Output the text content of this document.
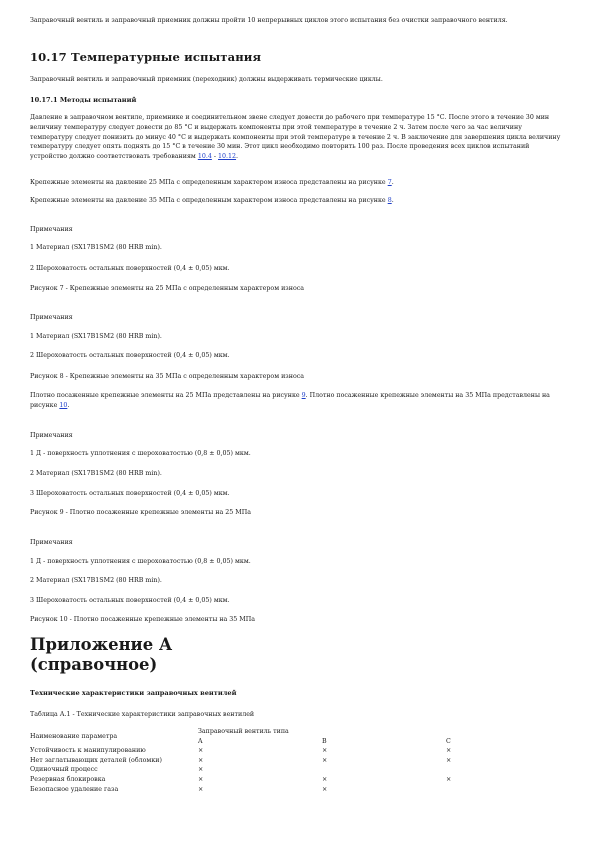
Заправочный вентиль и заправочный приемник должны пройти 10 непрерывных циклов этого испытания без очистки заправочного вентиля.
10.17 Температурные испытания
Заправочный вентиль и заправочный приемник (переходник) должны выдерживать термические циклы.
10.17.1 Методы испытаний
Давление в заправочном вентиле, приемнике и соединительном звене следует довести до рабочего при температуре 15 °С. После этого в течение 30 мин величину температуру следует довести до 85 °С и выдержать компоненты при этой температуре в течение 2 ч. Затем после чего за час величину температуру следует понизить до минус 40 °С и выдержать компоненты при этой температуре в течение 2 ч. В заключение для завершения цикла величину температуру следует опять поднять до 15 °С в течение 30 мин. Этот цикл необходимо повторить 100 раз. После проведения всех циклов испытаний устройство должно соответствовать требованиям 10.4 - 10.12.
Крепежные элементы на давление 25 МПа с определенным характером износа представлены на рисунке 7.
Крепежные элементы на давление 35 МПа с определенным характером износа представлены на рисунке 8.
Примечания
1 Материал (SX17B1SM2 (80 HRB min).
2 Шероховатость остальных поверхностей (0,4 ± 0,05) мкм.
Рисунок 7 - Крепежные элементы на 25 МПа с определенным характером износа
Примечания
1 Материал (SX17B1SM2 (80 HRB min).
2 Шероховатость остальных поверхностей (0,4 ± 0,05) мкм.
Рисунок 8 - Крепежные элементы на 35 МПа с определенным характером износа
Плотно посаженные крепежные элементы на 25 МПа представлены на рисунке 9. Плотно посаженные крепежные элементы на 35 МПа представлены на рисунке 10.
Примечания
1 Д - поверхность уплотнения с шероховатостью (0,8 ± 0,05) мкм.
2 Материал (SX17B1SM2 (80 HRB min).
3 Шероховатость остальных поверхностей (0,4 ± 0,05) мкм.
Рисунок 9 - Плотно посаженные крепежные элементы на 25 МПа
Примечания
1 Д - поверхность уплотнения с шероховатостью (0,8 ± 0,05) мкм.
2 Материал (SX17B1SM2 (80 HRB min).
3 Шероховатость остальных поверхностей (0,4 ± 0,05) мкм.
Рисунок 10 - Плотно посаженные крепежные элементы на 35 МПа
Приложение А
(справочное)
Технические характеристики заправочных вентилей
Таблица А.1 - Технические характеристики заправочных вентилей
Наименование параметра	Заправочный вентиль типа		
	A	B	C
Устойчивость к манипулированию	×	×	×
Нет заглатывающих деталей (обломки)	×	×	×
Одиночный процесс	×		
Резервная блокировка	×	×	×
Безопасное удаление газа	×	×	
